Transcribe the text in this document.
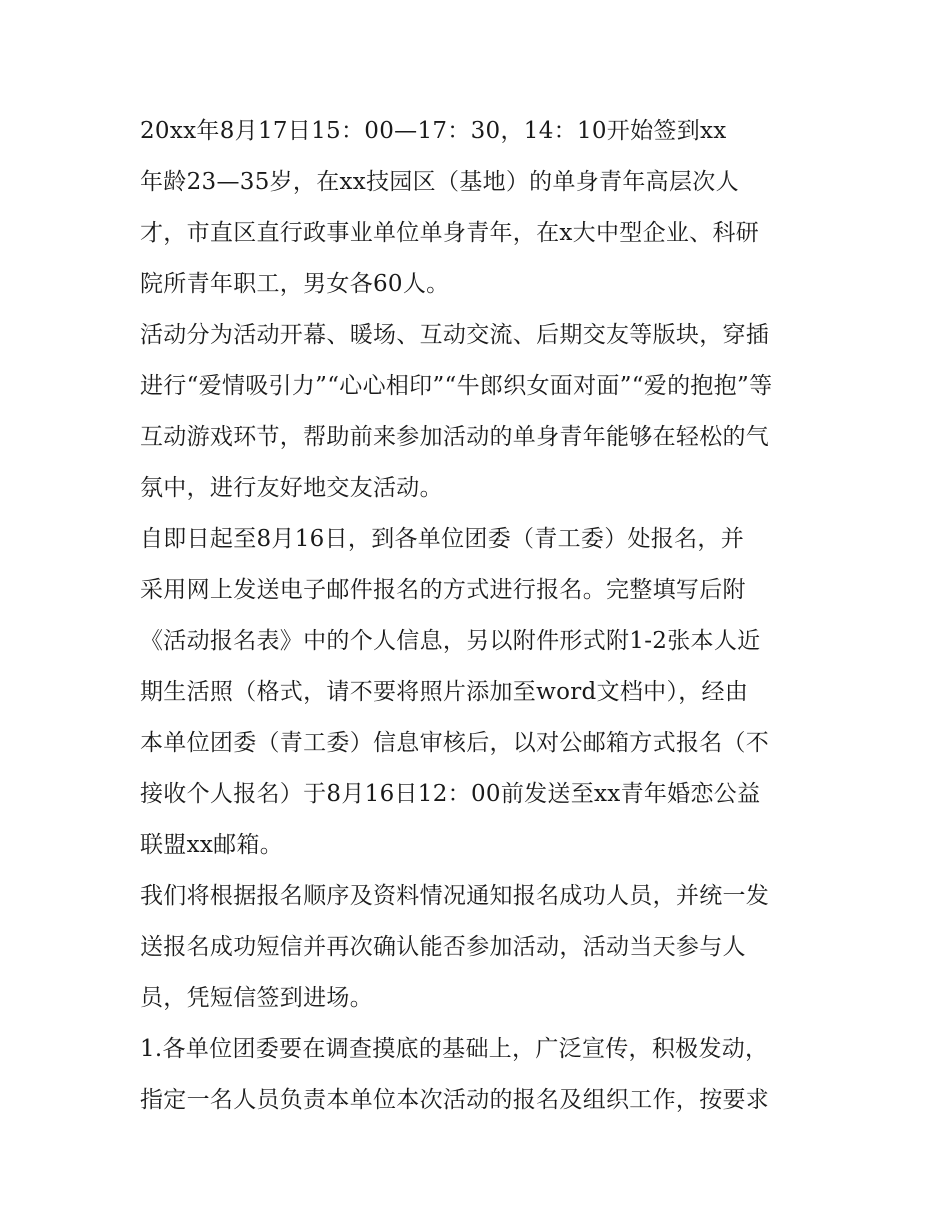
20xx年8月17日15：00—17：30，14：10开始签到xx
年龄23—35岁，在xx技园区（基地）的单身青年高层次人
才，市直区直行政事业单位单身青年，在x大中型企业、科研
院所青年职工，男女各60人。
活动分为活动开幕、暖场、互动交流、后期交友等版块，穿插
进行“爱情吸引力”“心心相印”“牛郎织女面对面”“爱的抱抱”等
互动游戏环节，帮助前来参加活动的单身青年能够在轻松的气
氛中，进行友好地交友活动。
自即日起至8月16日，到各单位团委（青工委）处报名，并
采用网上发送电子邮件报名的方式进行报名。完整填写后附
《活动报名表》中的个人信息，另以附件形式附1-2张本人近
期生活照（格式，请不要将照片添加至word文档中），经由
本单位团委（青工委）信息审核后，以对公邮箱方式报名（不
接收个人报名）于8月16日12：00前发送至xx青年婚恋公益
联盟xx邮箱。
我们将根据报名顺序及资料情况通知报名成功人员，并统一发
送报名成功短信并再次确认能否参加活动，活动当天参与人
员，凭短信签到进场。
1.各单位团委要在调查摸底的基础上，广泛宣传，积极发动，
指定一名人员负责本单位本次活动的报名及组织工作，按要求
